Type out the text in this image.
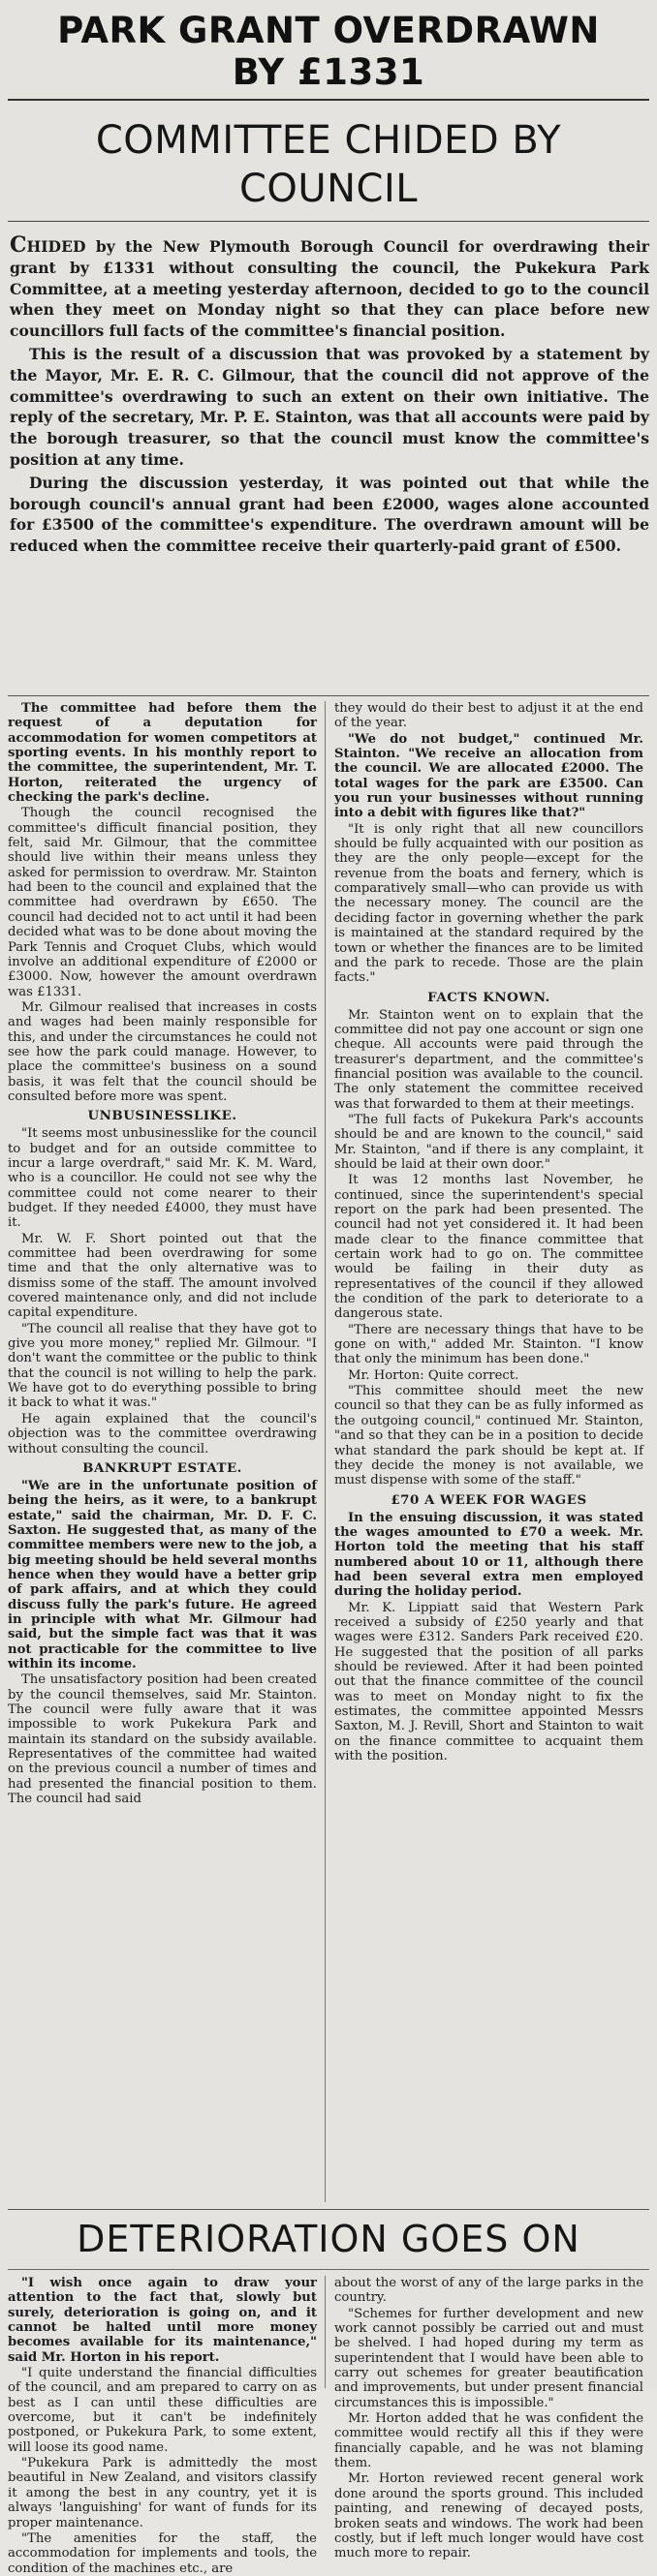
PARK GRANT OVERDRAWN
BY £1331
COMMITTEE CHIDED BY
COUNCIL

CHIDED by the New Plymouth Borough Council for overdrawing their grant by £1331 without consulting the council, the Pukekura Park Committee, at a meeting yesterday afternoon, decided to go to the council when they meet on Monday night so that they can place before new councillors full facts of the committee's financial position.

This is the result of a discussion that was provoked by a statement by the Mayor, Mr. E. R. C. Gilmour, that the council did not approve of the committee's overdrawing to such an extent on their own initiative. The reply of the secretary, Mr. P. E. Stainton, was that all accounts were paid by the borough treasurer, so that the council must know the committee's position at any time.

During the discussion yesterday, it was pointed out that while the borough council's annual grant had been £2000, wages alone accounted for £3500 of the committee's expenditure. The overdrawn amount will be reduced when the committee receive their quarterly-paid grant of £500.

The committee had before them the request of a deputation for accommodation for women competitors at sporting events. In his monthly report to the committee, the superintendent, Mr. T. Horton, reiterated the urgency of checking the park's decline.

Though the council recognised the committee's difficult financial position, they felt, said Mr. Gilmour, that the committee should live within their means unless they asked for permission to overdraw. Mr. Stainton had been to the council and explained that the committee had overdrawn by £650. The council had decided not to act until it had been decided what was to be done about moving the Park Tennis and Croquet Clubs, which would involve an additional expenditure of £2000 or £3000. Now, however the amount overdrawn was £1331.

Mr. Gilmour realised that increases in costs and wages had been mainly responsible for this, and under the circumstances he could not see how the park could manage. However, to place the committee's business on a sound basis, it was felt that the council should be consulted before more was spent.

UNBUSINESSLIKE.

"It seems most unbusinesslike for the council to budget and for an outside committee to incur a large overdraft," said Mr. K. M. Ward, who is a councillor. He could not see why the committee could not come nearer to their budget. If they needed £4000, they must have it.

Mr. W. F. Short pointed out that the committee had been overdrawing for some time and that the only alternative was to dismiss some of the staff. The amount involved covered maintenance only, and did not include capital expenditure.

"The council all realise that they have got to give you more money," replied Mr. Gilmour. "I don't want the committee or the public to think that the council is not willing to help the park. We have got to do everything possible to bring it back to what it was."

He again explained that the council's objection was to the committee overdrawing without consulting the council.

BANKRUPT ESTATE.

"We are in the unfortunate position of being the heirs, as it were, to a bankrupt estate," said the chairman, Mr. D. F. C. Saxton. He suggested that, as many of the committee members were new to the job, a big meeting should be held several months hence when they would have a better grip of park affairs, and at which they could discuss fully the park's future. He agreed in principle with what Mr. Gilmour had said, but the simple fact was that it was not practicable for the committee to live within its income.

The unsatisfactory position had been created by the council themselves, said Mr. Stainton. The council were fully aware that it was impossible to work Pukekura Park and maintain its standard on the subsidy available. Representatives of the committee had waited on the previous council a number of times and had presented the financial position to them. The council had said

they would do their best to adjust it at the end of the year.

"We do not budget," continued Mr. Stainton. "We receive an allocation from the council. We are allocated £2000. The total wages for the park are £3500. Can you run your businesses without running into a debit with figures like that?"

"It is only right that all new councillors should be fully acquainted with our position as they are the only people—except for the revenue from the boats and fernery, which is comparatively small—who can provide us with the necessary money. The council are the deciding factor in governing whether the park is maintained at the standard required by the town or whether the finances are to be limited and the park to recede. Those are the plain facts."

FACTS KNOWN.

Mr. Stainton went on to explain that the committee did not pay one account or sign one cheque. All accounts were paid through the treasurer's department, and the committee's financial position was available to the council. The only statement the committee received was that forwarded to them at their meetings.

"The full facts of Pukekura Park's accounts should be and are known to the council," said Mr. Stainton, "and if there is any complaint, it should be laid at their own door."

It was 12 months last November, he continued, since the superintendent's special report on the park had been presented. The council had not yet considered it. It had been made clear to the finance committee that certain work had to go on. The committee would be failing in their duty as representatives of the council if they allowed the condition of the park to deteriorate to a dangerous state.

"There are necessary things that have to be gone on with," added Mr. Stainton. "I know that only the minimum has been done."

Mr. Horton: Quite correct.

"This committee should meet the new council so that they can be as fully informed as the outgoing council," continued Mr. Stainton, "and so that they can be in a position to decide what standard the park should be kept at. If they decide the money is not available, we must dispense with some of the staff."

£70 A WEEK FOR WAGES

In the ensuing discussion, it was stated the wages amounted to £70 a week. Mr. Horton told the meeting that his staff numbered about 10 or 11, although there had been several extra men employed during the holiday period.

Mr. K. Lippiatt said that Western Park received a subsidy of £250 yearly and that wages were £312. Sanders Park received £20. He suggested that the position of all parks should be reviewed. After it had been pointed out that the finance committee of the council was to meet on Monday night to fix the estimates, the committee appointed Messrs Saxton, M. J. Revill, Short and Stainton to wait on the finance committee to acquaint them with the position.

DETERIORATION GOES ON

"I wish once again to draw your attention to the fact that, slowly but surely, deterioration is going on, and it cannot be halted until more money becomes available for its maintenance," said Mr. Horton in his report.

"I quite understand the financial difficulties of the council, and am prepared to carry on as best as I can until these difficulties are overcome, but it can't be indefinitely postponed, or Pukekura Park, to some extent, will loose its good name.

"Pukekura Park is admittedly the most beautiful in New Zealand, and visitors classify it among the best in any country, yet it is always 'languishing' for want of funds for its proper maintenance.

"The amenities for the staff, the accommodation for implements and tools, the condition of the machines etc., are

about the worst of any of the large parks in the country.

"Schemes for further development and new work cannot possibly be carried out and must be shelved. I had hoped during my term as superintendent that I would have been able to carry out schemes for greater beautification and improvements, but under present financial circumstances this is impossible."

Mr. Horton added that he was confident the committee would rectify all this if they were financially capable, and he was not blaming them.

Mr. Horton reviewed recent general work done around the sports ground. This included painting, and renewing of decayed posts, broken seats and windows. The work had been costly, but if left much longer would have cost much more to repair.
